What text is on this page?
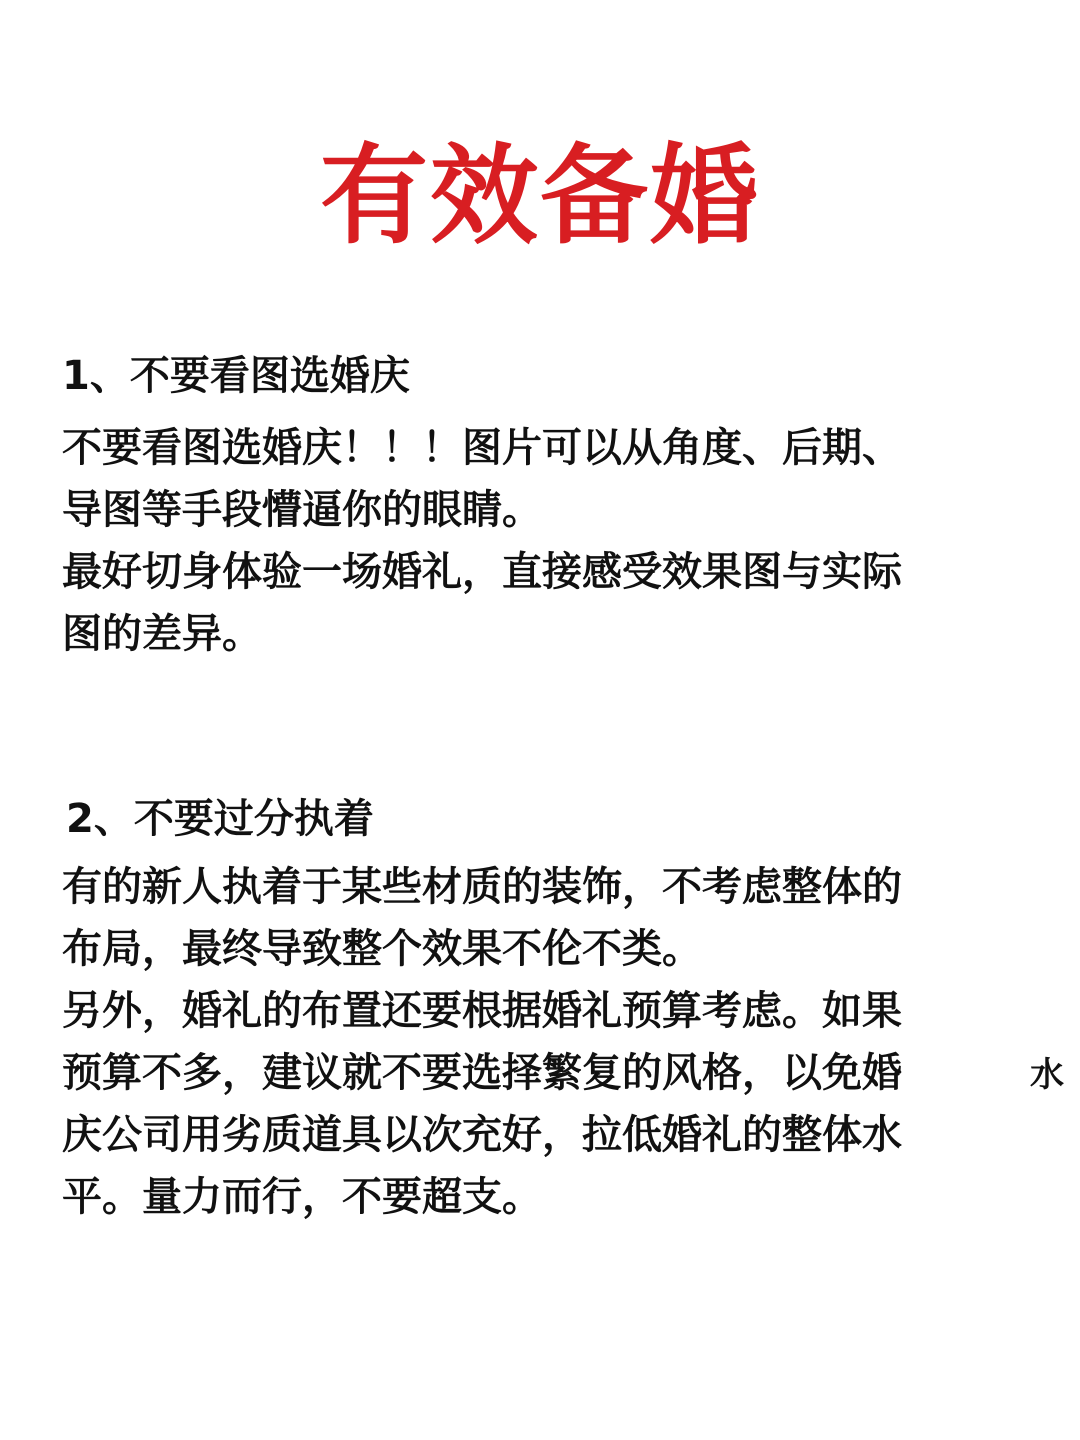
有效备婚
1、不要看图选婚庆
不要看图选婚庆！！！图片可以从角度、后期、
导图等手段懵逼你的眼睛。
最好切身体验一场婚礼，直接感受效果图与实际
图的差异。
2、不要过分执着
有的新人执着于某些材质的装饰，不考虑整体的
布局，最终导致整个效果不伦不类。
另外，婚礼的布置还要根据婚礼预算考虑。如果
预算不多，建议就不要选择繁复的风格，以免婚
庆公司用劣质道具以次充好，拉低婚礼的整体水
平。量力而行，不要超支。
水
